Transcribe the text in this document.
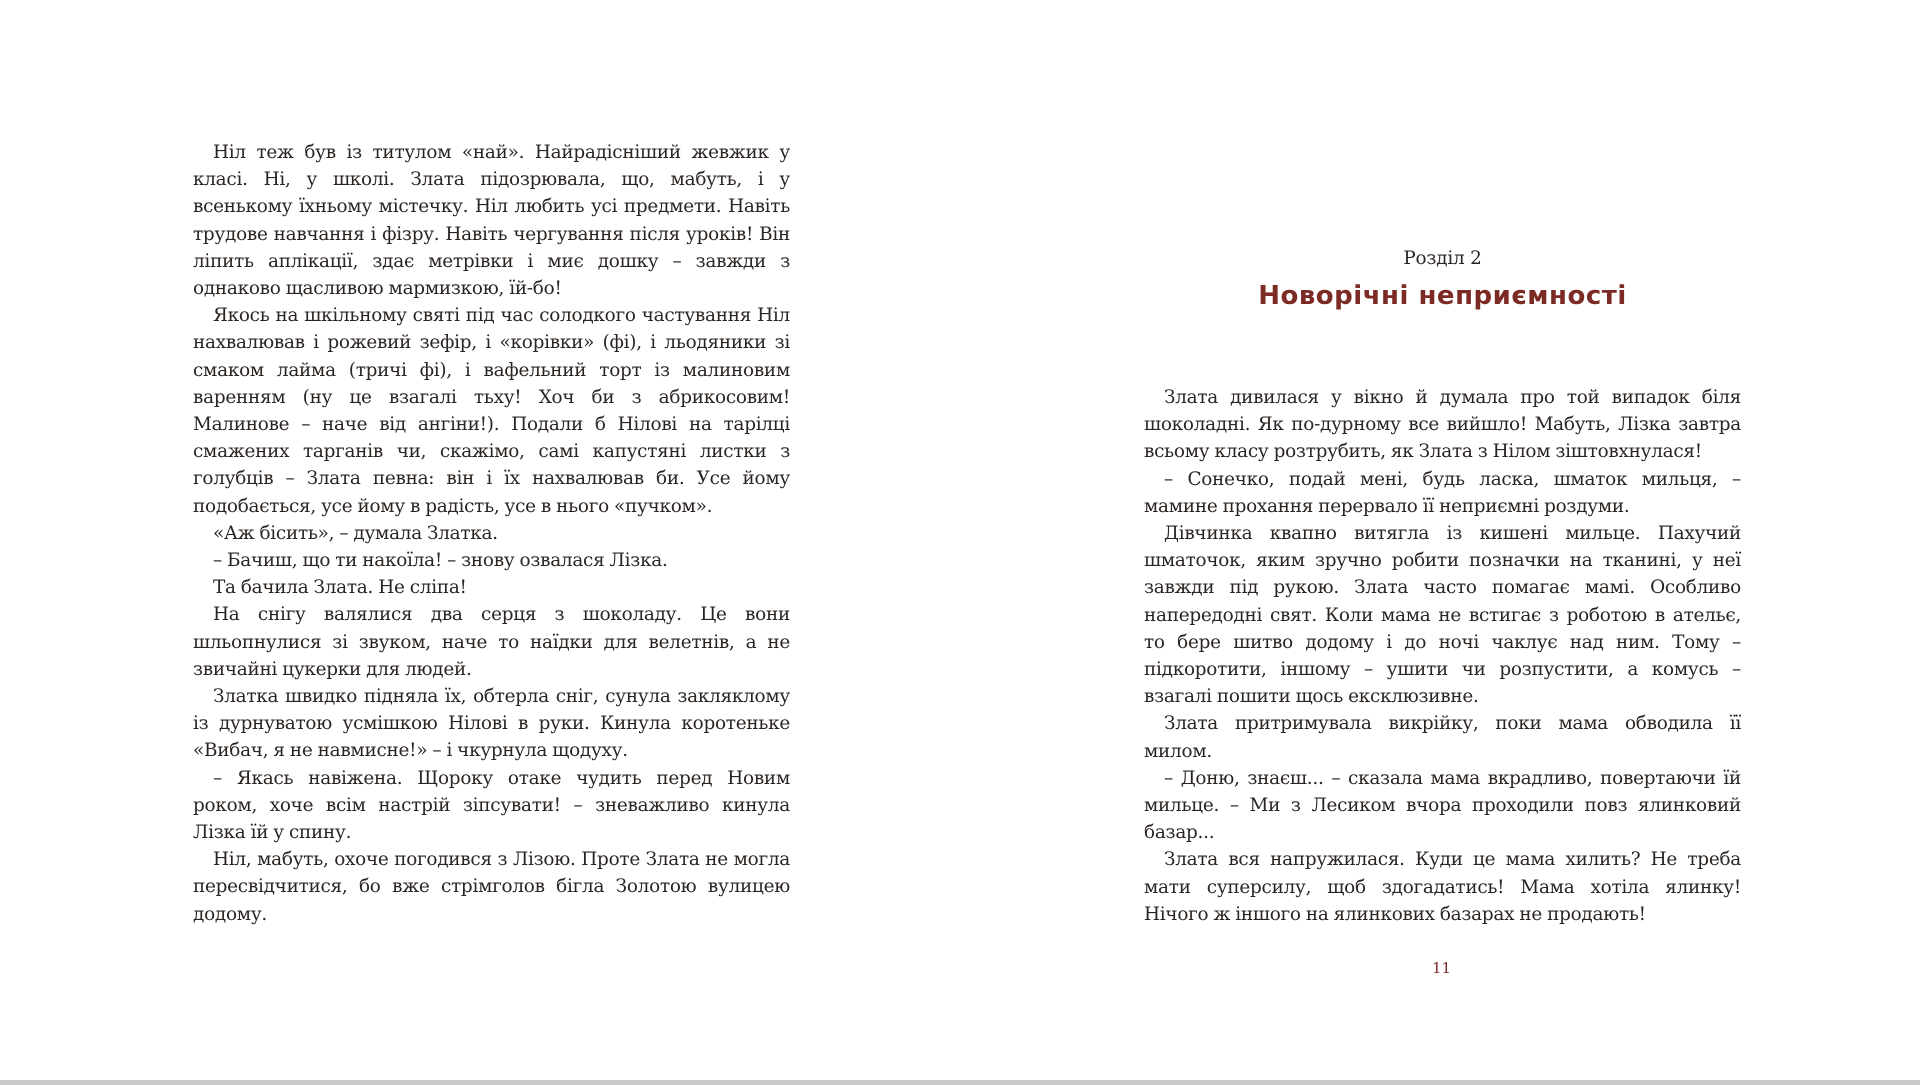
Ніл теж був із титулом «най». Найрадісніший жевжик у класі. Ні, у школі. Злата підозрювала, що, мабуть, і у всенькому їхньому містечку. Ніл любить усі предмети. Навіть трудове навчання і фізру. Навіть чергування після уроків! Він ліпить аплікації, здає метрівки і миє дошку – завжди з однаково щасливою мармизкою, їй-бо!

Якось на шкільному святі під час солодкого частування Ніл нахвалював і рожевий зефір, і «корівки» (фі), і льодяники зі смаком лайма (тричі фі), і вафельний торт із малиновим варенням (ну це взагалі тьху! Хоч би з абрикосовим! Малинове – наче від ангіни!). Подали б Нілові на тарілці смажених тарганів чи, скажімо, самі капустяні листки з голубців – Злата певна: він і їх нахвалював би. Усе йому подобається, усе йому в радість, усе в нього «пучком».

«Аж бісить», – думала Златка.

– Бачиш, що ти накоїла! – знову озвалася Лізка.

Та бачила Злата. Не сліпа!

На снігу валялися два серця з шоколаду. Це вони шльопнулися зі звуком, наче то наїдки для велетнів, а не звичайні цукерки для людей.

Златка швидко підняла їх, обтерла сніг, сунула закляклому із дурнуватою усмішкою Нілові в руки. Кинула коротеньке «Вибач, я не навмисне!» – і чкурнула щодуху.

– Якась навіжена. Щороку отаке чудить перед Новим роком, хоче всім настрій зіпсувати! – зневажливо кинула Лізка їй у спину.

Ніл, мабуть, охоче погодився з Лізою. Проте Злата не могла пересвідчитися, бо вже стрімголов бігла Золотою вулицею додому.

Розділ 2
Новорічні неприємності

Злата дивилася у вікно й думала про той випадок біля шоколадні. Як по-дурному все вийшло! Мабуть, Лізка завтра всьому класу розтрубить, як Злата з Нілом зіштовхнулася!

– Сонечко, подай мені, будь ласка, шматок мильця, – мамине прохання перервало її неприємні роздуми.

Дівчинка квапно витягла із кишені мильце. Пахучий шматочок, яким зручно робити позначки на тканині, у неї завжди під рукою. Злата часто помагає мамі. Особливо напередодні свят. Коли мама не встигає з роботою в ательє, то бере шитво додому і до ночі чаклує над ним. Тому – підкоротити, іншому – ушити чи розпустити, а комусь – взагалі пошити щось ексклюзивне.

Злата притримувала викрійку, поки мама обводила її милом.

– Доню, знаєш... – сказала мама вкрадливо, повертаючи їй мильце. – Ми з Лесиком вчора проходили повз ялинковий базар...

Злата вся напружилася. Куди це мама хилить? Не треба мати суперсилу, щоб здогадатись! Мама хотіла ялинку! Нічого ж іншого на ялинкових базарах не продають!

11
